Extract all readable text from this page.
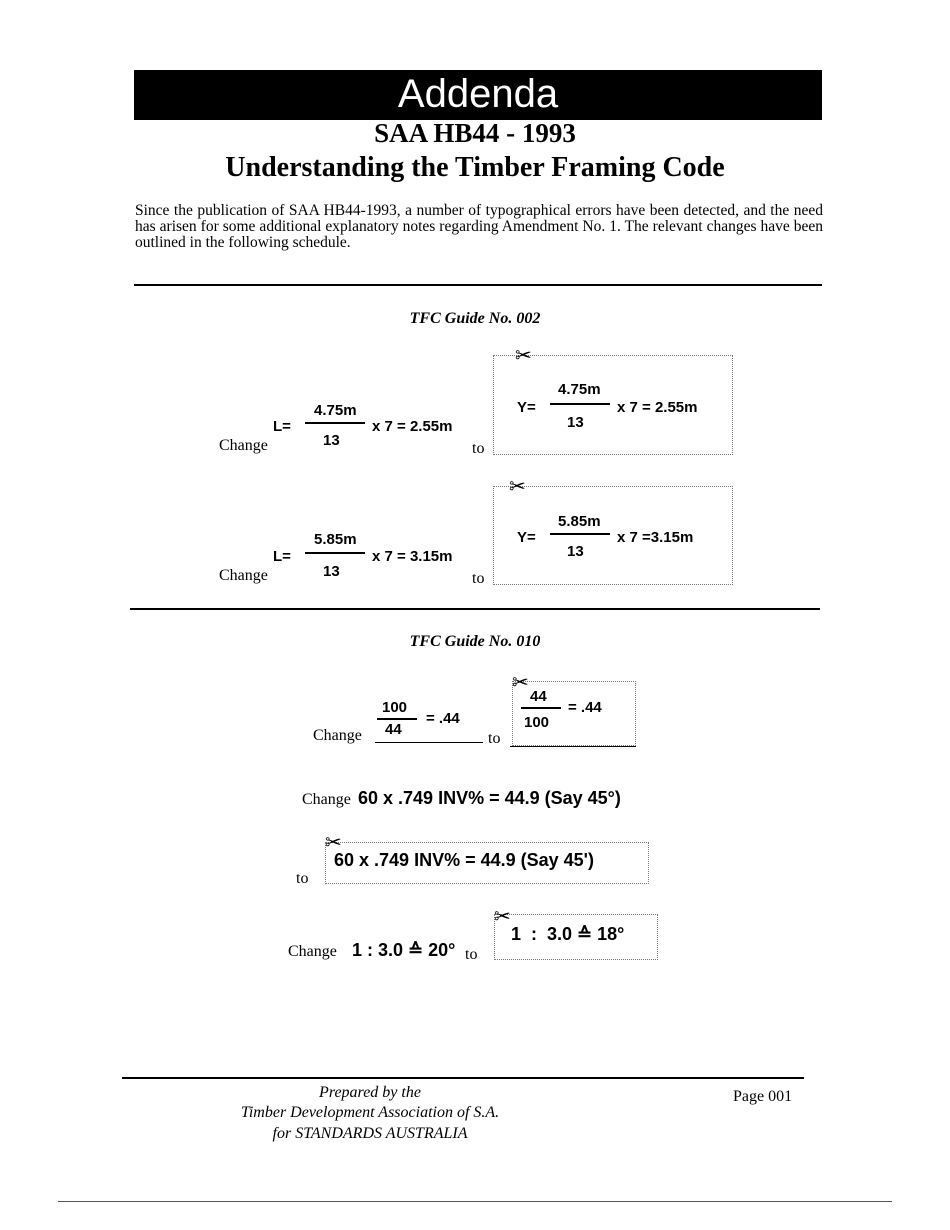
Addenda
SAA HB44 - 1993
Understanding the Timber Framing Code
Since the publication of SAA HB44-1993, a number of typographical errors have been detected, and the need has arisen for some additional explanatory notes regarding Amendment No. 1. The relevant changes have been outlined in the following schedule.
TFC Guide No. 002
L=
4.75m
13
x 7 = 2.55m
Change	to
✂
Y=
4.75m
13
x 7 = 2.55m
L=
5.85m
13
x 7 = 3.15m
Change	to
✂
Y=
5.85m
13
x 7 =3.15m
TFC Guide No. 010
Change
100
44
= .44
to
✂
44
100
= .44
Change 60 x .749 INV% = 44.9 (Say 45°)
✂
60 x .749 INV% = 44.9 (Say 45')
to
Change 1 : 3.0 ≙ 20° to
✂
1  :  3.0 ≙ 18°
Prepared by the
Timber Development Association of S.A.
for STANDARDS AUSTRALIA
Page 001
